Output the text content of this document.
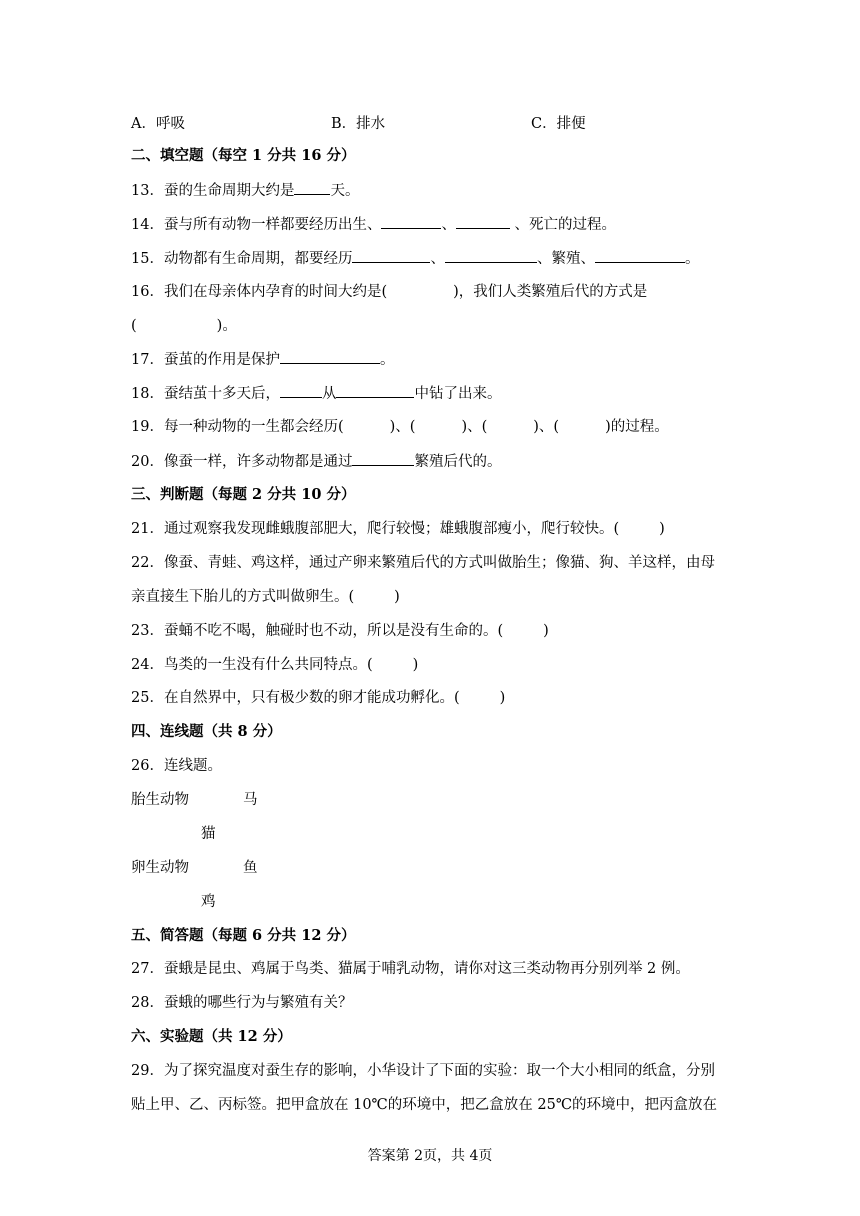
A．呼吸	B．排水	C．排便
二、填空题（每空 1 分共 16 分）
13．蚕的生命周期大约是 天。
14．蚕与所有动物一样都要经历出生、	、	、死亡的过程。
15．动物都有生命周期，都要经历	、	、繁殖、	。
16．我们在母亲体内孕育的时间大约是(	)，我们人类繁殖后代的方式是
(	)。
17．蚕茧的作用是保护	。
18．蚕结茧十多天后，	从	中钻了出来。
19．每一种动物的一生都会经历(	)、(	)、(	)、(	)的过程。
20．像蚕一样，许多动物都是通过	繁殖后代的。
三、判断题（每题 2 分共 10 分）
21．通过观察我发现雌蛾腹部肥大，爬行较慢；雄蛾腹部瘦小，爬行较快。(	)
22．像蚕、青蛙、鸡这样，通过产卵来繁殖后代的方式叫做胎生；像猫、狗、羊这样，由母
亲直接生下胎儿的方式叫做卵生。(	)
23．蚕蛹不吃不喝，触碰时也不动，所以是没有生命的。(	)
24．鸟类的一生没有什么共同特点。(	)
25．在自然界中，只有极少数的卵才能成功孵化。(	)
四、连线题（共 8 分）
26．连线题。
胎生动物	马
猫
卵生动物	鱼
鸡
五、简答题（每题 6 分共 12 分）
27．蚕蛾是昆虫、鸡属于鸟类、猫属于哺乳动物，请你对这三类动物再分别列举 2 例。
28．蚕蛾的哪些行为与繁殖有关？
六、实验题（共 12 分）
29．为了探究温度对蚕生存的影响，小华设计了下面的实验：取一个大小相同的纸盒，分别
贴上甲、乙、丙标签。把甲盒放在 10℃的环境中，把乙盒放在 25℃的环境中，把丙盒放在
答案第 2页，共 4页
